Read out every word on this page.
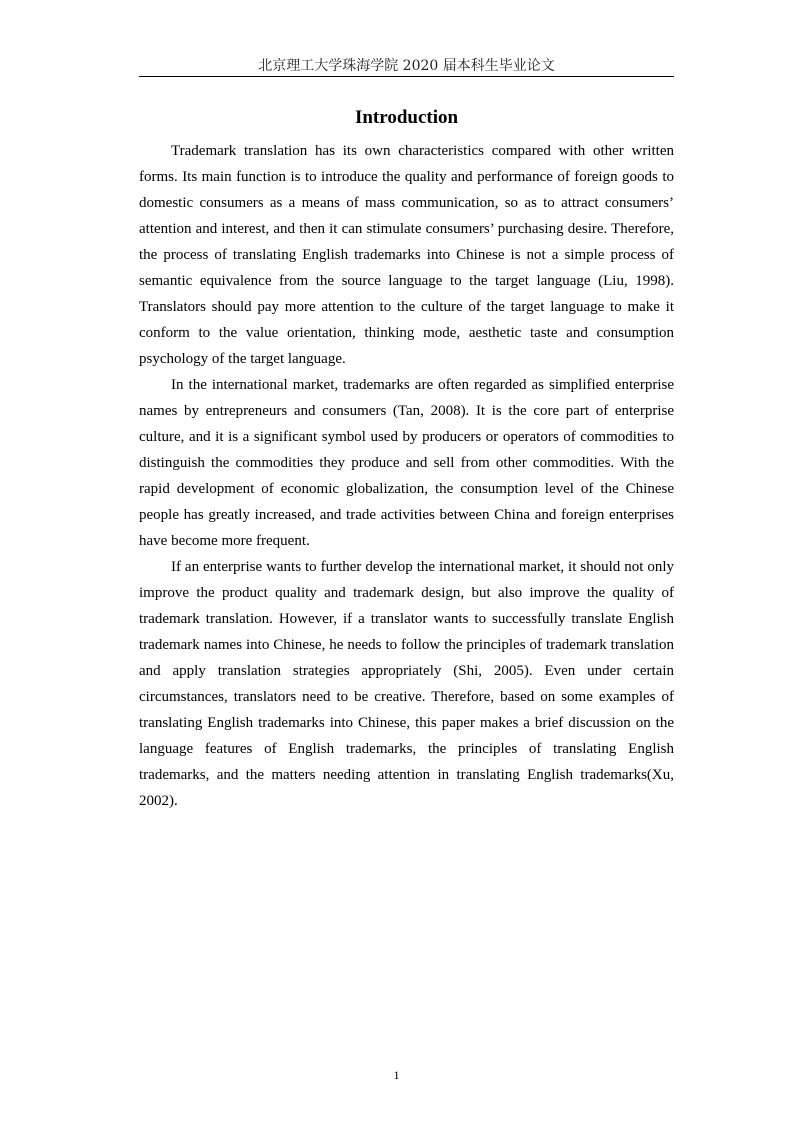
北京理工大学珠海学院 2020 届本科生毕业论文
Introduction

Trademark translation has its own characteristics compared with other written forms. Its main function is to introduce the quality and performance of foreign goods to domestic consumers as a means of mass communication, so as to attract consumers’ attention and interest, and then it can stimulate consumers’ purchasing desire. Therefore, the process of translating English trademarks into Chinese is not a simple process of semantic equivalence from the source language to the target language (Liu, 1998). Translators should pay more attention to the culture of the target language to make it conform to the value orientation, thinking mode, aesthetic taste and consumption psychology of the target language.

In the international market, trademarks are often regarded as simplified enterprise names by entrepreneurs and consumers (Tan, 2008). It is the core part of enterprise culture, and it is a significant symbol used by producers or operators of commodities to distinguish the commodities they produce and sell from other commodities. With the rapid development of economic globalization, the consumption level of the Chinese people has greatly increased, and trade activities between China and foreign enterprises have become more frequent.

If an enterprise wants to further develop the international market, it should not only improve the product quality and trademark design, but also improve the quality of trademark translation. However, if a translator wants to successfully translate English trademark names into Chinese, he needs to follow the principles of trademark translation and apply translation strategies appropriately (Shi, 2005). Even under certain circumstances, translators need to be creative. Therefore, based on some examples of translating English trademarks into Chinese, this paper makes a brief discussion on the language features of English trademarks, the principles of translating English trademarks, and the matters needing attention in translating English trademarks(Xu, 2002).

1
